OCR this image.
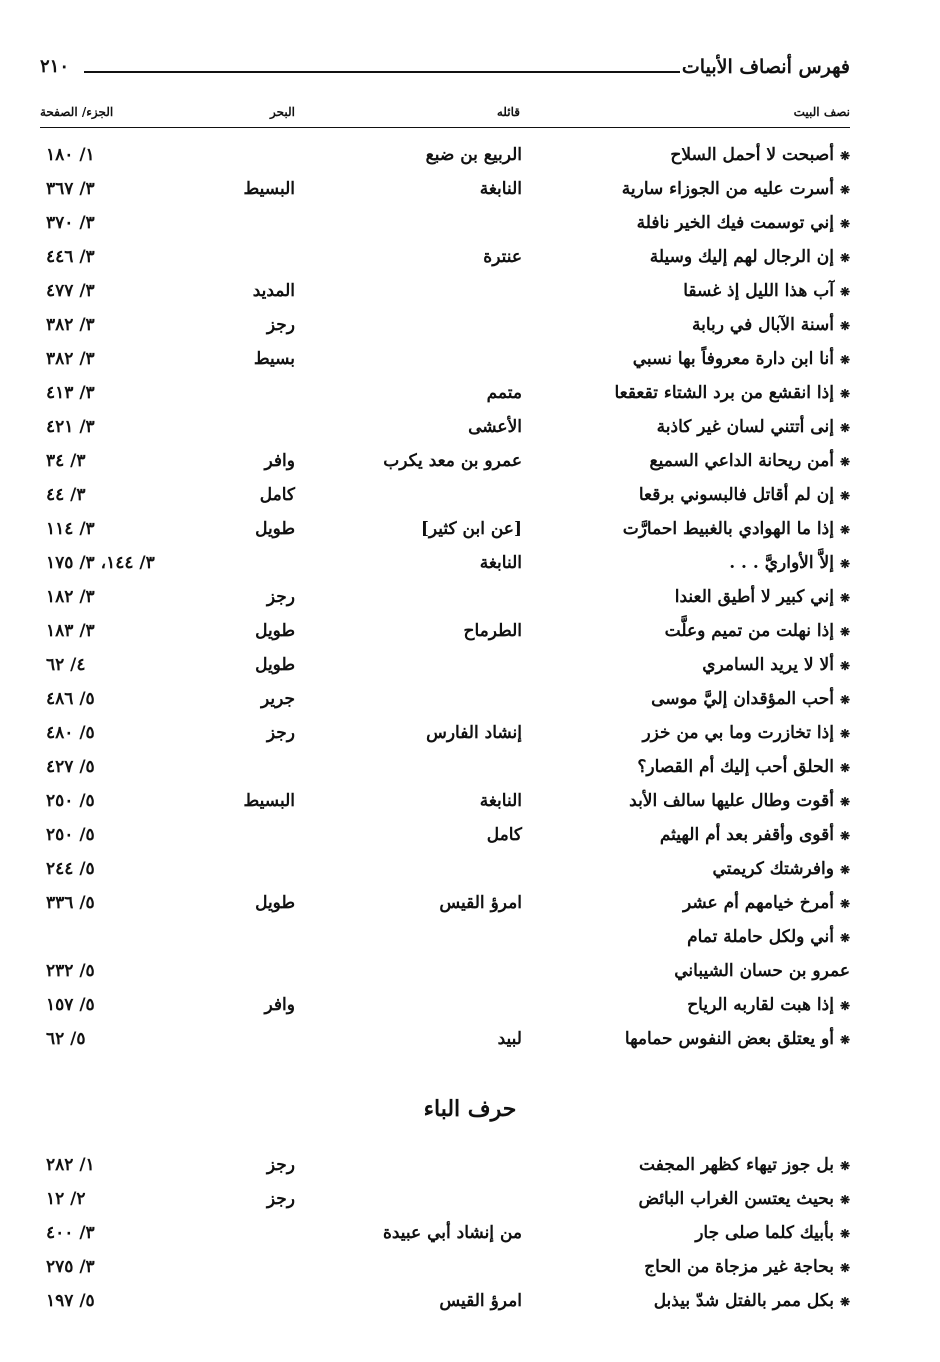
فهرس أنصاف الأبيات
٢١٠
نصف البيت
قائله
البحر
الجزء/ الصفحة
❋أصبحت لا أحمل السلاح
الربيع بن ضبع
١/ ١٨٠
❋أسرت عليه من الجوزاء سارية
النابغة
البسيط
٣/ ٣٦٧
❋إني توسمت فيك الخير نافلة
٣/ ٣٧٠
❋إن الرجال لهم إليك وسيلة
عنترة
٣/ ٤٤٦
❋آب هذا الليل إذ غسقا
المديد
٣/ ٤٧٧
❋أسنة الآبال في ربابة
رجز
٣/ ٣٨٢
❋أنا ابن دارة معروفاً بها نسبي
بسيط
٣/ ٣٨٢
❋إذا انقشع من برد الشتاء تقعقعا
متمم
٣/ ٤١٣
❋إنى أتتني لسان غير كاذبة
الأعشى
٣/ ٤٢١
❋أمن ريحانة الداعي السميع
عمرو بن معد يكرب
وافر
٣/ ٣٤
❋إن لم أقاتل فالبسوني برقعا
كامل
٣/ ٤٤
❋إذا ما الهوادي بالغبيط احمارَّت
[عن ابن كثير]
طويل
٣/ ١١٤
❋إلاَّ الأواريَّ . . .
النابغة
٣/ ١٤٤، ٣/ ١٧٥
❋إني كبير لا أطيق العندا
رجز
٣/ ١٨٢
❋إذا نهلت من تميم وعلَّت
الطرماح
طويل
٣/ ١٨٣
❋ألا لا يريد السامري
طويل
٤/ ٦٢
❋أحب المؤقدان إليَّ موسى
جرير
٥/ ٤٨٦
❋إذا تخازرت وما بي من خزر
إنشاد الفارس
رجز
٥/ ٤٨٠
❋الحلق أحب إليك أم القصار؟
٥/ ٤٢٧
❋أقوت وطال عليها سالف الأبد
النابغة
البسيط
٥/ ٢٥٠
❋أقوى وأقفر بعد أم الهيثم
كامل
٥/ ٢٥٠
❋وافرشتك كريمتي
٥/ ٢٤٤
❋أمرخ خيامهم أم عشر
امرؤ القيس
طويل
٥/ ٣٣٦
❋أني ولكل حاملة تمام
عمرو بن حسان الشيباني
٥/ ٢٣٢
❋إذا هبت لقاربه الرياح
وافر
٥/ ١٥٧
❋أو يعتلق بعض النفوس حمامها
لبيد
٥/ ٦٢
حرف الباء
❋بل جوز تيهاء كظهر المجفت
رجز
١/ ٢٨٢
❋بحيث يعتسن الغراب البائض
رجز
٢/ ١٢
❋بأبيك كلما صلى جار
من إنشاد أبي عبيدة
٣/ ٤٠٠
❋بحاجة غير مزجاة من الحاج
٣/ ٢٧٥
❋بكل ممر بالفتل شدّ بيذبل
امرؤ القيس
٥/ ١٩٧
